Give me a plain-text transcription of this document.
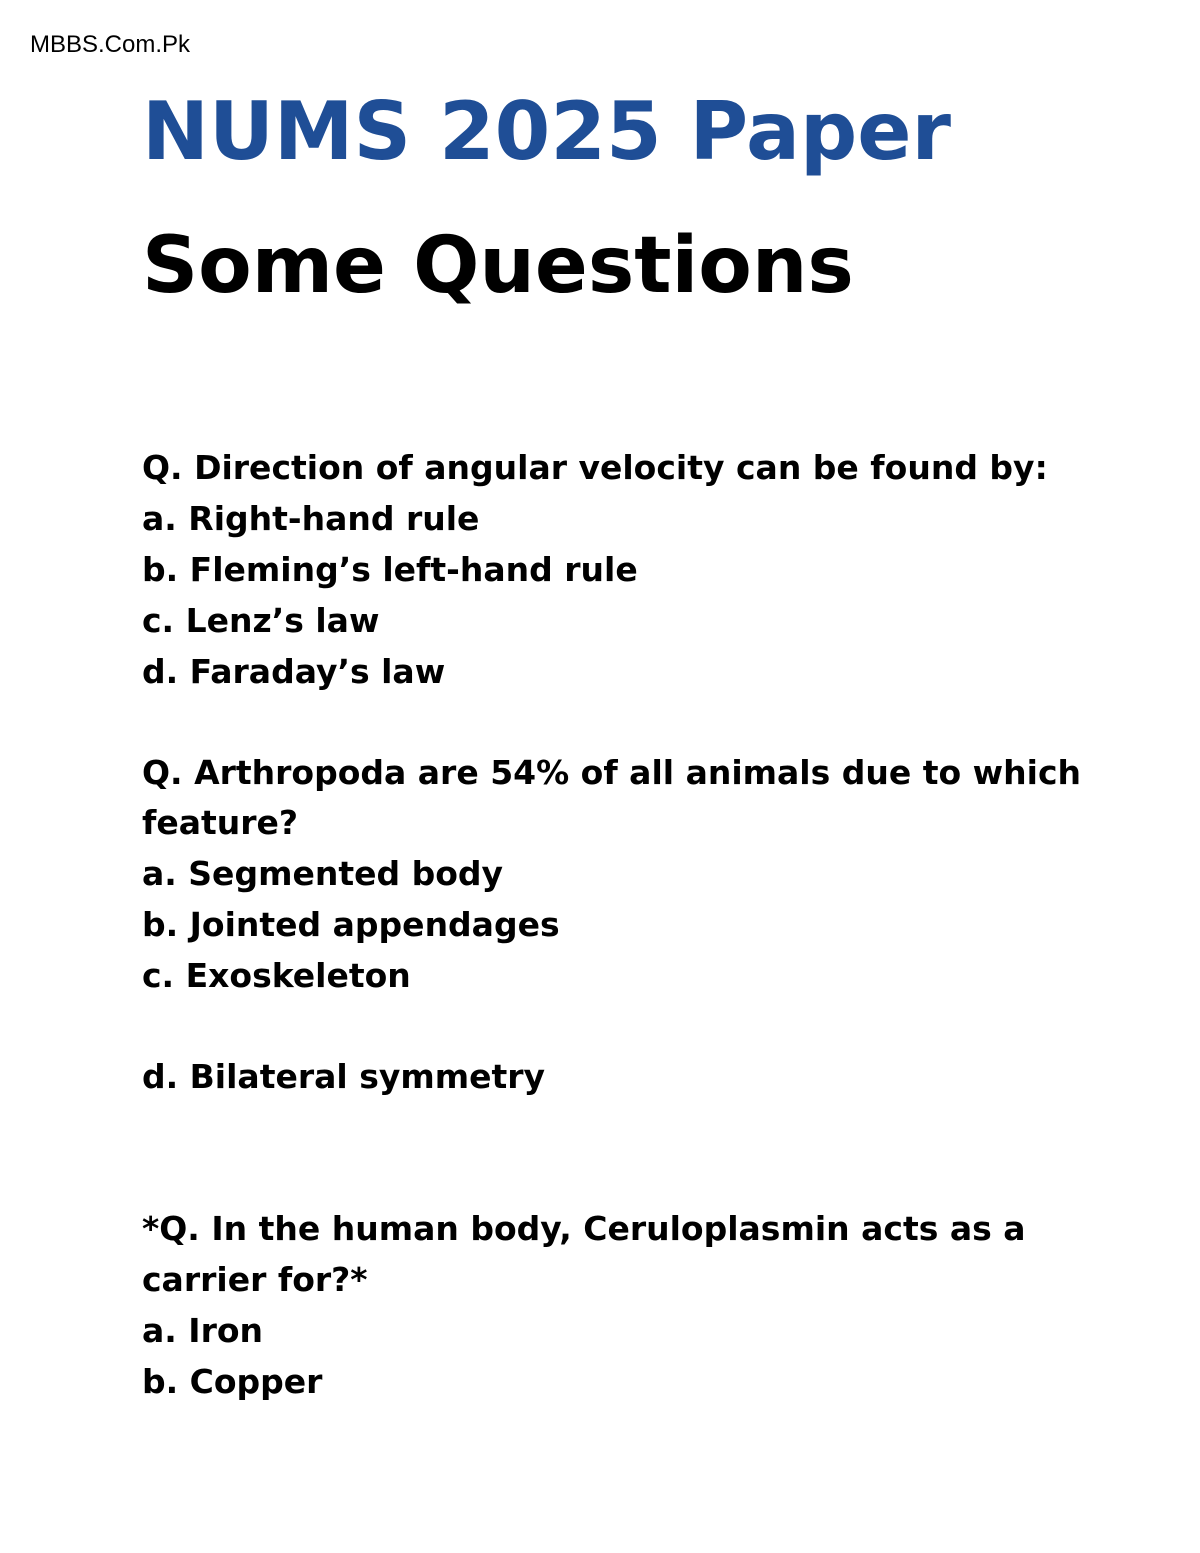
MBBS.Com.Pk
NUMS 2025 Paper
Some Questions

Q. Direction of angular velocity can be found by:

a. Right-hand rule

b. Fleming’s left-hand rule

c. Lenz’s law

d. Faraday’s law

Q. Arthropoda are 54% of all animals due to which

feature?

a. Segmented body

b. Jointed appendages

c. Exoskeleton

d. Bilateral symmetry

*Q. In the human body, Ceruloplasmin acts as a

carrier for?*

a. Iron

b. Copper
